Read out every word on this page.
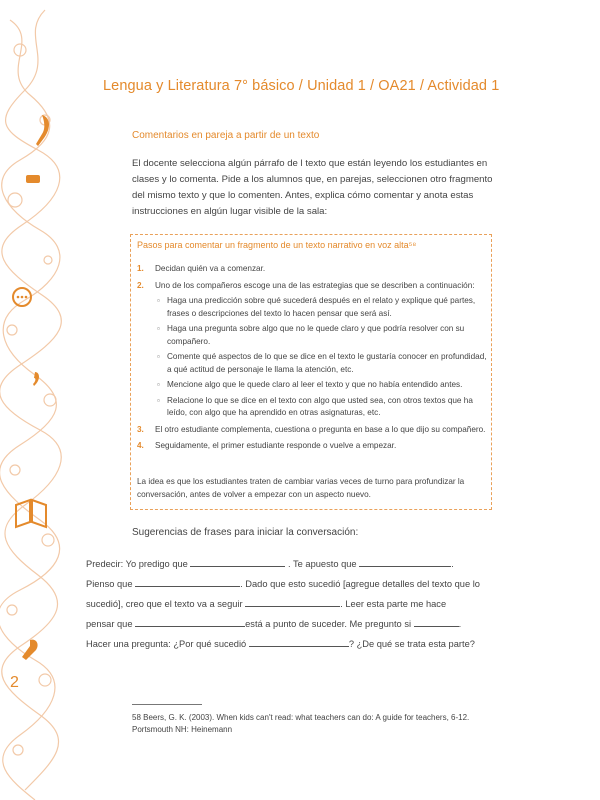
2
Lengua y Literatura 7° básico / Unidad 1 / OA21 / Actividad 1
Comentarios en pareja a partir de un texto
El docente selecciona algún párrafo de l texto que están leyendo los estudiantes en clases y lo comenta. Pide a los alumnos que, en parejas, seleccionen otro fragmento del mismo texto y que lo comenten. Antes, explica cómo comentar y anota estas instrucciones en algún lugar visible de la sala:
Pasos para comentar un fragmento de un texto narrativo en voz alta⁵⁸
1. Decidan quién va a comenzar.
2. Uno de los compañeros escoge una de las estrategias que se describen a continuación:
▫ Haga una predicción sobre qué sucederá después en el relato y explique qué partes, frases o descripciones del texto lo hacen pensar que será así.
▫ Haga una pregunta sobre algo que no le quede claro y que podría resolver con su compañero.
▫ Comente qué aspectos de lo que se dice en el texto le gustaría conocer en profundidad, a qué actitud de personaje le llama la atención, etc.
▫ Mencione algo que le quede claro al leer el texto y que no había entendido antes.
▫ Relacione lo que se dice en el texto con algo que usted sea, con otros textos que ha leído, con algo que ha aprendido en otras asignaturas, etc.
3. El otro estudiante complementa, cuestiona o pregunta en base a lo que dijo su compañero.
4. Seguidamente, el primer estudiante responde o vuelve a empezar.
La idea es que los estudiantes traten de cambiar varias veces de turno para profundizar la conversación, antes de volver a empezar con un aspecto nuevo.
Sugerencias de frases para iniciar la conversación:
Predecir: Yo predigo que	. Te apuesto que	.
Pienso que	. Dado que esto sucedió [agregue detalles del texto que lo
sucedió], creo que el texto va a seguir	. Leer esta parte me hace
pensar que	está a punto de suceder. Me pregunto si	.
Hacer una pregunta: ¿Por qué sucedió	? ¿De qué se trata esta parte?
58 Beers, G. K. (2003). When kids can't read: what teachers can do: A guide for teachers, 6-12.
Portsmouth NH: Heinemann
